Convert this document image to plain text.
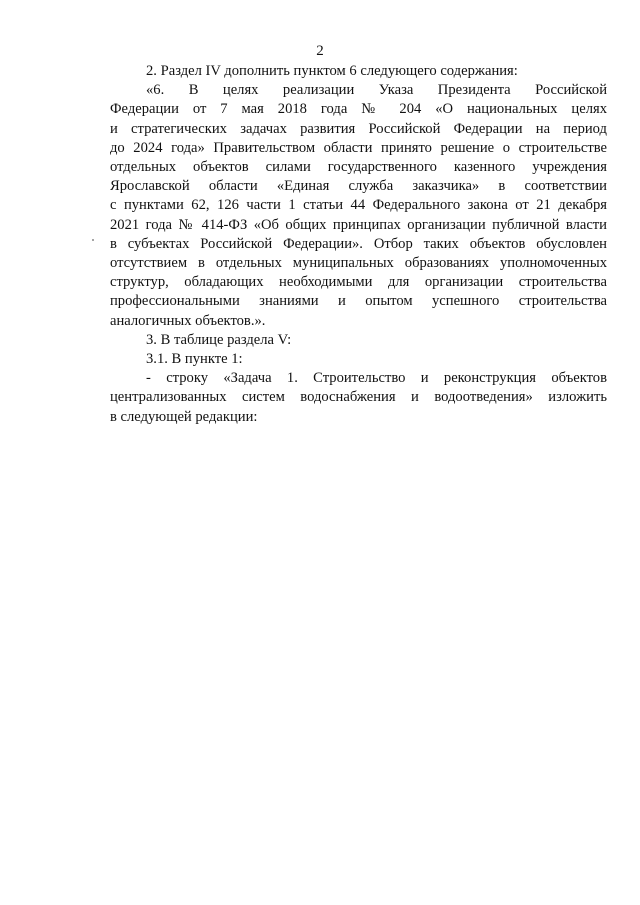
2

2. Раздел IV дополнить пунктом 6 следующего содержания:

«6. В целях реализации Указа Президента Российской
Федерации от 7 мая 2018 года № 204 «О национальных целях
и стратегических задачах развития Российской Федерации на период
до 2024 года» Правительством области принято решение о строительстве
отдельных объектов силами государственного казенного учреждения
Ярославской области «Единая служба заказчика» в соответствии
с пунктами 62, 126 части 1 статьи 44 Федерального закона от 21 декабря
2021 года № 414-ФЗ «Об общих принципах организации публичной власти
в субъектах Российской Федерации». Отбор таких объектов обусловлен
отсутствием в отдельных муниципальных образованиях уполномоченных
структур, обладающих необходимыми для организации строительства
профессиональными знаниями и опытом успешного строительства
аналогичных объектов.».

3. В таблице раздела V:

3.1. В пункте 1:

- строку «Задача 1. Строительство и реконструкция объектов
централизованных систем водоснабжения и водоотведения» изложить
в следующей редакции:
